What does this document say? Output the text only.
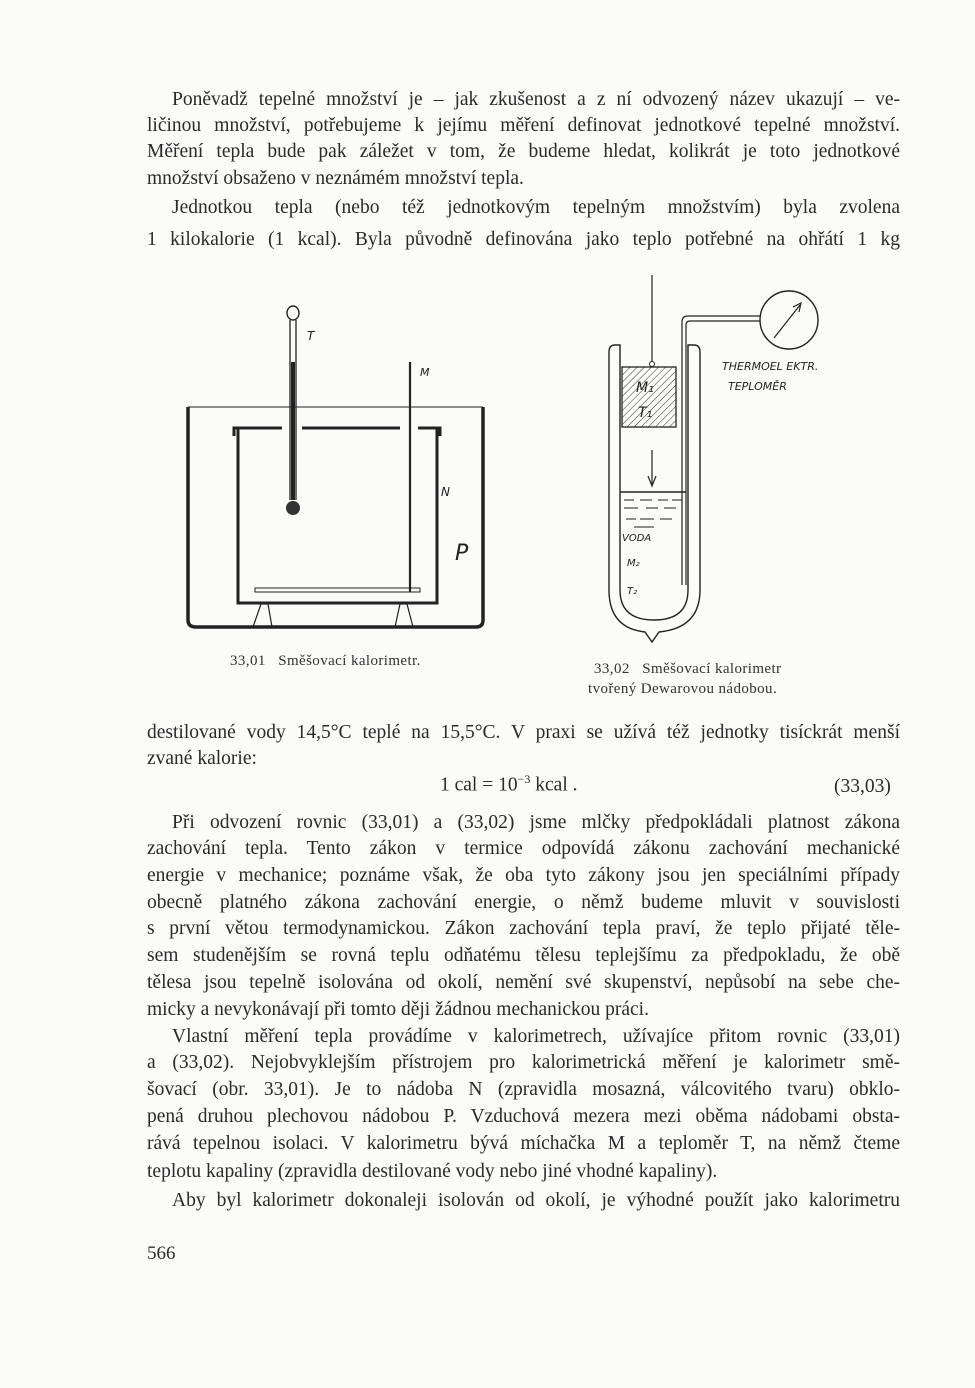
Poněvadž tepelné množství je – jak zkušenost a z ní odvozený název ukazují – ve-
ličinou množství, potřebujeme k jejímu měření definovat jednotkové tepelné množství.
Měření tepla bude pak záležet v tom, že budeme hledat, kolikrát je toto jednotkové
množství obsaženo v neznámém množství tepla.
Jednotkou tepla (nebo též jednotkovým tepelným množstvím) byla zvolena
1 kilokalorie (1 kcal). Byla původně definována jako teplo potřebné na ohřátí 1 kg
T
M
N
P
M₁
T₁
VODA
M₂
T₂
THERMOEL EKTR.
TEPLOMĚR
33,01 Směšovací kalorimetr.	33,02 Směšovací kalorimetr
tvořený Dewarovou nádobou.
destilované vody 14,5°C teplé na 15,5°C. V praxi se užívá též jednotky tisíckrát menší
zvané kalorie:
1 cal = $10^{-3}$ kcal .	(33,03)
Při odvození rovnic (33,01) a (33,02) jsme mlčky předpokládali platnost zákona
zachování tepla. Tento zákon v termice odpovídá zákonu zachování mechanické
energie v mechanice; poznáme však, že oba tyto zákony jsou jen speciálními případy
obecně platného zákona zachování energie, o němž budeme mluvit v souvislosti
s první větou termodynamickou. Zákon zachování tepla praví, že teplo přijaté těle-
sem studenějším se rovná teplu odňatému tělesu teplejšímu za předpokladu, že obě
tělesa jsou tepelně isolována od okolí, nemění své skupenství, nepůsobí na sebe che-
micky a nevykonávají při tomto ději žádnou mechanickou práci.
Vlastní měření tepla provádíme v kalorimetrech, užívajíce přitom rovnic (33,01)
a (33,02). Nejobvyklejším přístrojem pro kalorimetrická měření je kalorimetr smě-
šovací (obr. 33,01). Je to nádoba N (zpravidla mosazná, válcovitého tvaru) obklo-
pená druhou plechovou nádobou P. Vzduchová mezera mezi oběma nádobami obsta-
rává tepelnou isolaci. V kalorimetru bývá míchačka M a teploměr T, na němž čteme
teplotu kapaliny (zpravidla destilované vody nebo jiné vhodné kapaliny).
Aby byl kalorimetr dokonaleji isolován od okolí, je výhodné použít jako kalorimetru
566
